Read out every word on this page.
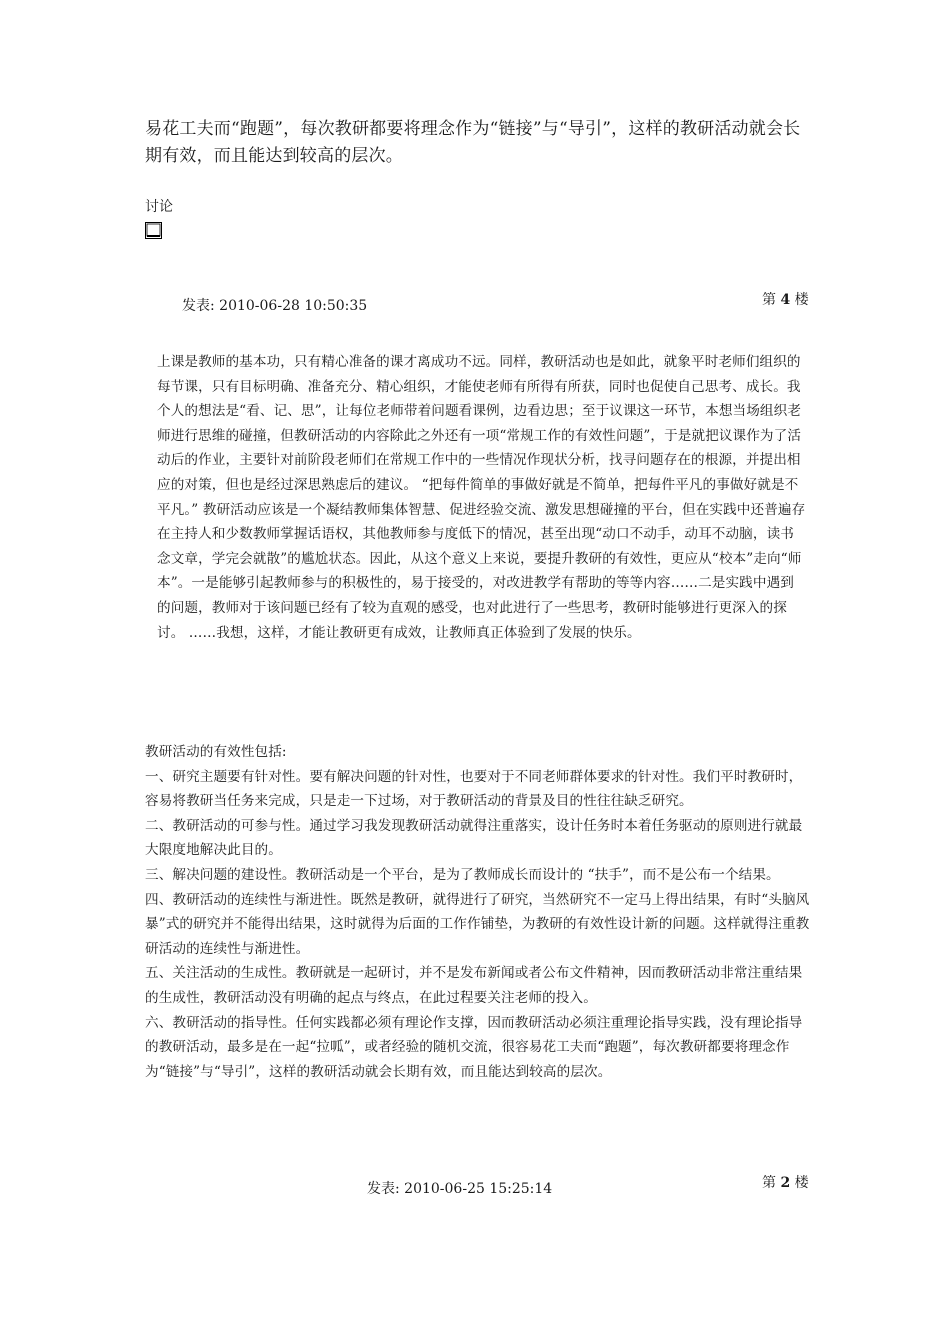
易花工夫而“跑题”，每次教研都要将理念作为“链接”与“导引”，这样的教研活动就会长期有效，而且能达到较高的层次。
讨论
发表: 2010-06-28 10:50:35	第 4 楼

上课是教师的基本功，只有精心准备的课才离成功不远。同样，教研活动也是如此，就象平时老师们组织的每节课，只有目标明确、准备充分、精心组织，才能使老师有所得有所获，同时也促使自己思考、成长。我个人的想法是“看、记、思”，让每位老师带着问题看课例，边看边思；至于议课这一环节，本想当场组织老师进行思维的碰撞，但教研活动的内容除此之外还有一项“常规工作的有效性问题”，于是就把议课作为了活动后的作业，主要针对前阶段老师们在常规工作中的一些情况作现状分析，找寻问题存在的根源，并提出相应的对策，但也是经过深思熟虑后的建议。 “把每件简单的事做好就是不简单，把每件平凡的事做好就是不平凡。” 教研活动应该是一个凝结教师集体智慧、促进经验交流、激发思想碰撞的平台，但在实践中还普遍存在主持人和少数教师掌握话语权，其他教师参与度低下的情况，甚至出现“动口不动手，动耳不动脑，读书念文章，学完会就散”的尴尬状态。因此，从这个意义上来说，要提升教研的有效性，更应从“校本”走向“师本”。一是能够引起教师参与的积极性的，易于接受的，对改进教学有帮助的等等内容……二是实践中遇到的问题，教师对于该问题已经有了较为直观的感受，也对此进行了一些思考，教研时能够进行更深入的探讨。 ……我想，这样，才能让教研更有成效，让教师真正体验到了发展的快乐。

教研活动的有效性包括:

一、研究主题要有针对性。要有解决问题的针对性，也要对于不同老师群体要求的针对性。我们平时教研时，容易将教研当任务来完成，只是走一下过场，对于教研活动的背景及目的性往往缺乏研究。

二、教研活动的可参与性。通过学习我发现教研活动就得注重落实，设计任务时本着任务驱动的原则进行就最大限度地解决此目的。

三、解决问题的建设性。教研活动是一个平台，是为了教师成长而设计的 “扶手”，而不是公布一个结果。

四、教研活动的连续性与渐进性。既然是教研，就得进行了研究，当然研究不一定马上得出结果，有时“头脑风暴”式的研究并不能得出结果，这时就得为后面的工作作铺垫，为教研的有效性设计新的问题。这样就得注重教研活动的连续性与渐进性。

五、关注活动的生成性。教研就是一起研讨，并不是发布新闻或者公布文件精神，因而教研活动非常注重结果的生成性，教研活动没有明确的起点与终点，在此过程要关注老师的投入。

六、教研活动的指导性。任何实践都必须有理论作支撑，因而教研活动必须注重理论指导实践，没有理论指导的教研活动，最多是在一起“拉呱”，或者经验的随机交流，很容易花工夫而“跑题”，每次教研都要将理念作为“链接”与“导引”，这样的教研活动就会长期有效，而且能达到较高的层次。

发表: 2010-06-25 15:25:14	第 2 楼
